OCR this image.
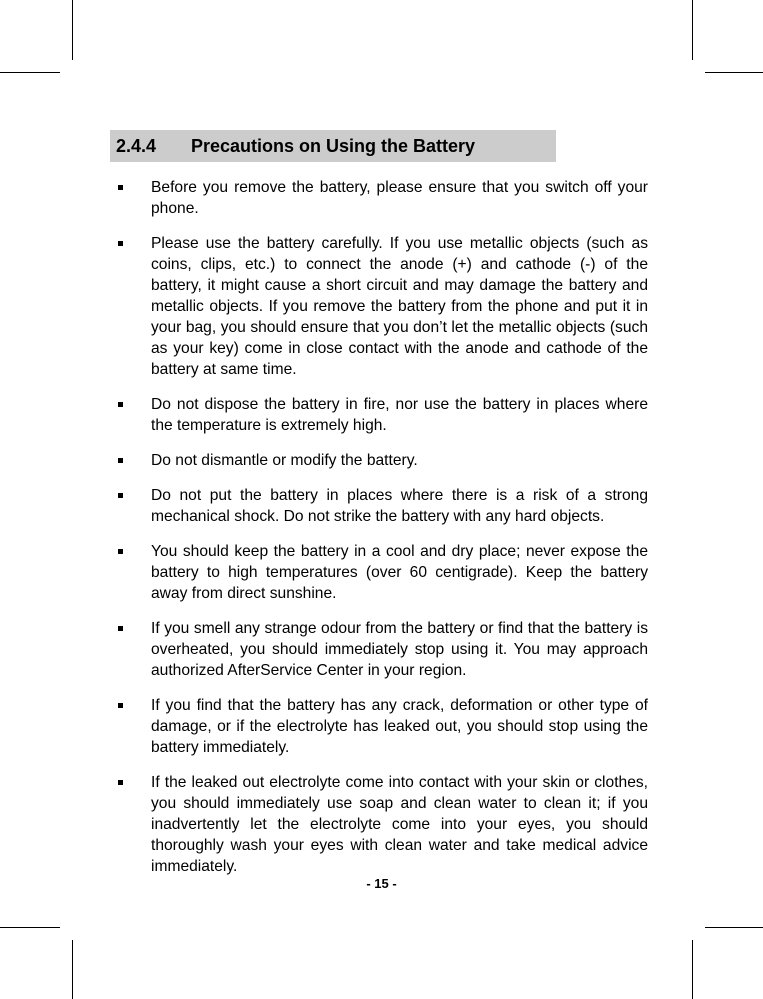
2.4.4 Precautions on Using the Battery
Before you remove the battery, please ensure that you switch off your phone.
Please use the battery carefully. If you use metallic objects (such as coins, clips, etc.) to connect the anode (+) and cathode (-) of the battery, it might cause a short circuit and may damage the battery and metallic objects. If you remove the battery from the phone and put it in your bag, you should ensure that you don’t let the metallic objects (such as your key) come in close contact with the anode and cathode of the battery at same time.
Do not dispose the battery in fire, nor use the battery in places where the temperature is extremely high.
Do not dismantle or modify the battery.
Do not put the battery in places where there is a risk of a strong mechanical shock. Do not strike the battery with any hard objects.
You should keep the battery in a cool and dry place; never expose the battery to high temperatures (over 60 centigrade). Keep the battery away from direct sunshine.
If you smell any strange odour from the battery or find that the battery is overheated, you should immediately stop using it. You may approach authorized AfterService Center in your region.
If you find that the battery has any crack, deformation or other type of damage, or if the electrolyte has leaked out, you should stop using the battery immediately.
If the leaked out electrolyte come into contact with your skin or clothes, you should immediately use soap and clean water to clean it; if you inadvertently let the electrolyte come into your eyes, you should thoroughly wash your eyes with clean water and take medical advice immediately.
- 15 -
